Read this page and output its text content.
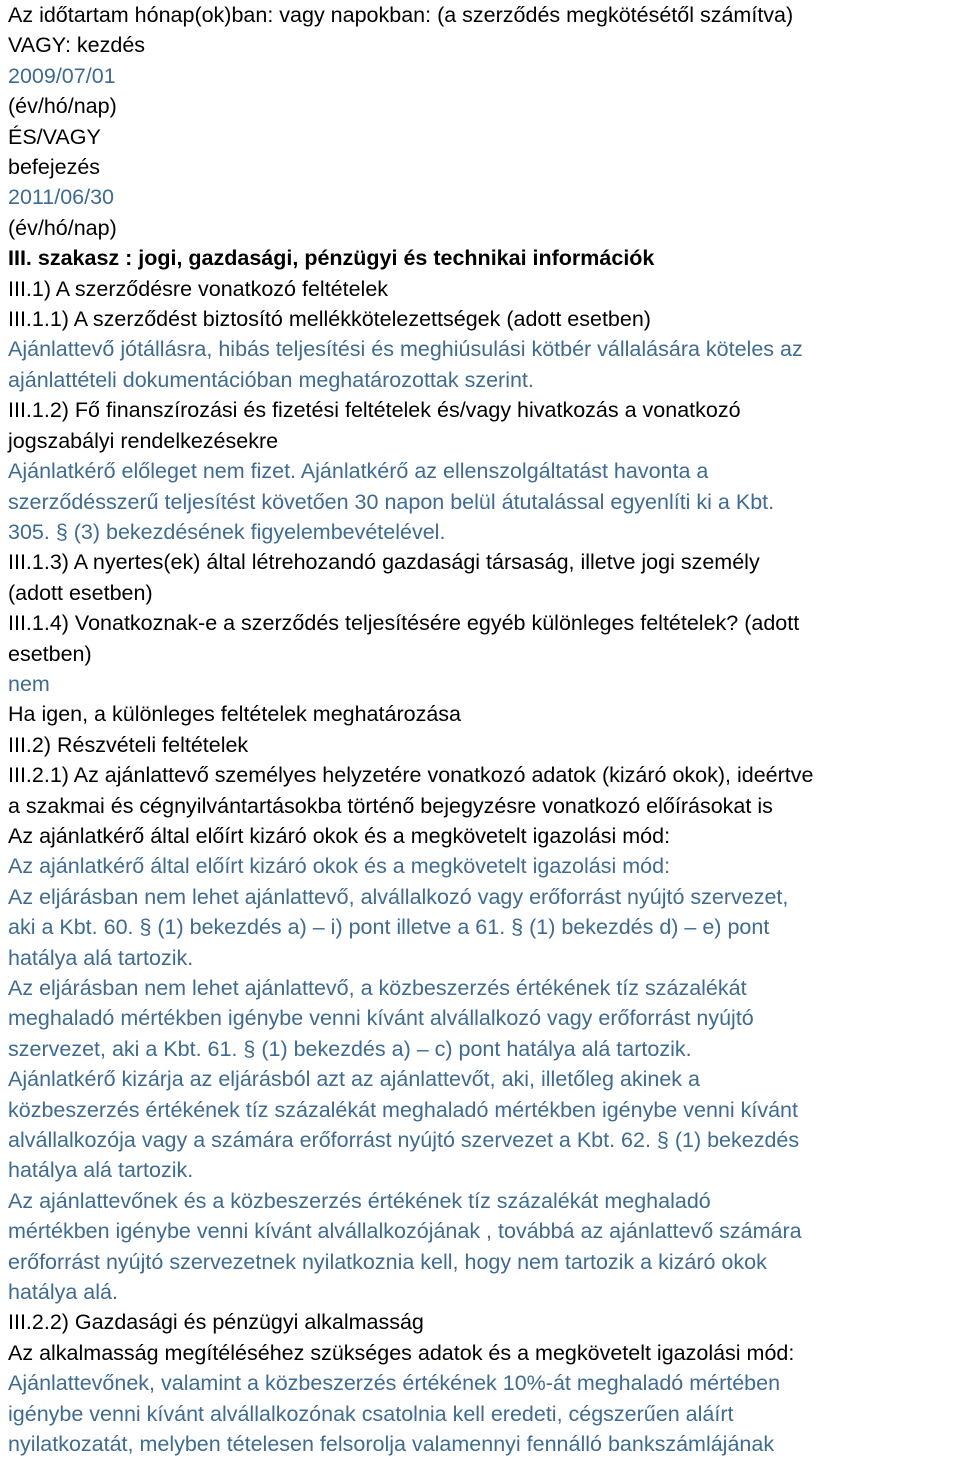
Az időtartam hónap(ok)ban: vagy napokban: (a szerződés megkötésétől számítva)
VAGY: kezdés
2009/07/01
(év/hó/nap)
ÉS/VAGY
befejezés
2011/06/30
(év/hó/nap)
III. szakasz : jogi, gazdasági, pénzügyi és technikai információk
III.1) A szerződésre vonatkozó feltételek
III.1.1) A szerződést biztosító mellékkötelezettségek (adott esetben)
Ajánlattevő jótállásra, hibás teljesítési és meghiúsulási kötbér vállalására köteles az
ajánlattételi dokumentációban meghatározottak szerint.
III.1.2) Fő finanszírozási és fizetési feltételek és/vagy hivatkozás a vonatkozó
jogszabályi rendelkezésekre
Ajánlatkérő előleget nem fizet. Ajánlatkérő az ellenszolgáltatást havonta a
szerződésszerű teljesítést követően 30 napon belül átutalással egyenlíti ki a Kbt.
305. § (3) bekezdésének figyelembevételével.
III.1.3) A nyertes(ek) által létrehozandó gazdasági társaság, illetve jogi személy
(adott esetben)
III.1.4) Vonatkoznak-e a szerződés teljesítésére egyéb különleges feltételek? (adott
esetben)
nem
Ha igen, a különleges feltételek meghatározása
III.2) Részvételi feltételek
III.2.1) Az ajánlattevő személyes helyzetére vonatkozó adatok (kizáró okok), ideértve
a szakmai és cégnyilvántartásokba történő bejegyzésre vonatkozó előírásokat is
Az ajánlatkérő által előírt kizáró okok és a megkövetelt igazolási mód:
Az ajánlatkérő által előírt kizáró okok és a megkövetelt igazolási mód:
Az eljárásban nem lehet ajánlattevő, alvállalkozó vagy erőforrást nyújtó szervezet,
aki a Kbt. 60. § (1) bekezdés a) – i) pont illetve a 61. § (1) bekezdés d) – e) pont
hatálya alá tartozik.
Az eljárásban nem lehet ajánlattevő, a közbeszerzés értékének tíz százalékát
meghaladó mértékben igénybe venni kívánt alvállalkozó vagy erőforrást nyújtó
szervezet, aki a Kbt. 61. § (1) bekezdés a) – c) pont hatálya alá tartozik.
Ajánlatkérő kizárja az eljárásból azt az ajánlattevőt, aki, illetőleg akinek a
közbeszerzés értékének tíz százalékát meghaladó mértékben igénybe venni kívánt
alvállalkozója vagy a számára erőforrást nyújtó szervezet a Kbt. 62. § (1) bekezdés
hatálya alá tartozik.
Az ajánlattevőnek és a közbeszerzés értékének tíz százalékát meghaladó
mértékben igénybe venni kívánt alvállalkozójának , továbbá az ajánlattevő számára
erőforrást nyújtó szervezetnek nyilatkoznia kell, hogy nem tartozik a kizáró okok
hatálya alá.
III.2.2) Gazdasági és pénzügyi alkalmasság
Az alkalmasság megítéléséhez szükséges adatok és a megkövetelt igazolási mód:
Ajánlattevőnek, valamint a közbeszerzés értékének 10%-át meghaladó mértében
igénybe venni kívánt alvállalkozónak csatolnia kell eredeti, cégszerűen aláírt
nyilatkozatát, melyben tételesen felsorolja valamennyi fennálló bankszámlájának
